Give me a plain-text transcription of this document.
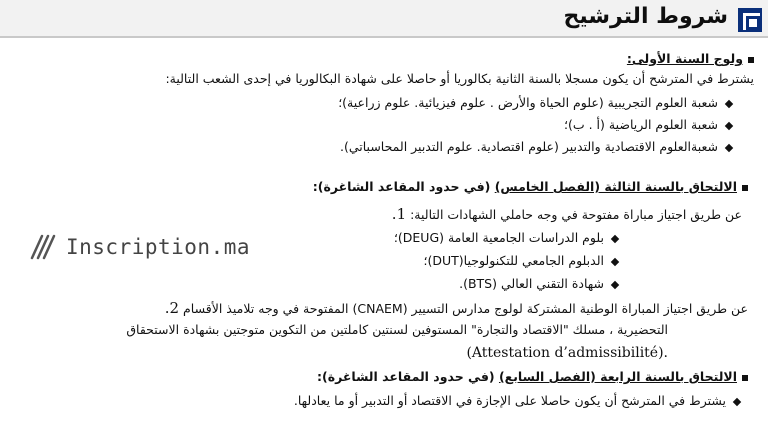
شروط الترشيح
ولوج السنة الأولى:
يشترط في المترشح أن يكون مسجلا بالسنة الثانية بكالوريا أو حاصلا على شهادة البكالوريا في إحدى الشعب التالية:
شعبة العلوم التجريبية (علوم الحياة والأرض . علوم فيزيائية. علوم زراعية)؛
شعبة العلوم الرياضية (أ . ب)؛
شعبةالعلوم الاقتصادية والتدبير (علوم اقتصادية. علوم التدبير المحاسباتي).
الالتحاق بالسنة الثالثة (الفصل الخامس) (في حدود المقاعد الشاغرة):
عن طريق اجتياز مباراة مفتوحة في وجه حاملي الشهادات التالية: 1.
بلوم الدراسات الجامعية العامة (DEUG)؛
الدبلوم الجامعي للتكنولوجيا(DUT)؛
شهادة التقني العالي (BTS).
عن طريق اجتياز المباراة الوطنية المشتركة لولوج مدارس التسيير (CNAEM) المفتوحة في وجه تلاميذ الأقسام 2.
التحضيرية ، مسلك "الاقتصاد والتجارة" المستوفين لسنتين كاملتين من التكوين متوجتين بشهادة الاستحقاق
(Attestation d’admissibilité).
الالتحاق بالسنة الرابعة (الفصل السابع) (في حدود المقاعد الشاغرة):
يشترط في المترشح أن يكون حاصلا على الإجازة في الاقتصاد أو التدبير أو ما يعادلها.
Inscription.ma
